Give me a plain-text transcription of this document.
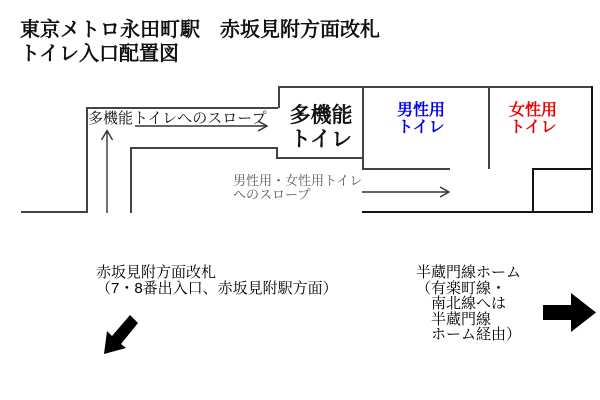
東京メトロ永田町駅　赤坂見附方面改札
トイレ入口配置図
多機能トイレへのスロープ	多機能
トイレ
男性用
トイレ
女性用
トイレ
男性用・女性用トイレ
へのスロープ
赤坂見附方面改札
（7・8番出入口、赤坂見附駅方面）
半蔵門線ホーム
（有楽町線・
　南北線へは
　半蔵門線
　ホーム経由）
